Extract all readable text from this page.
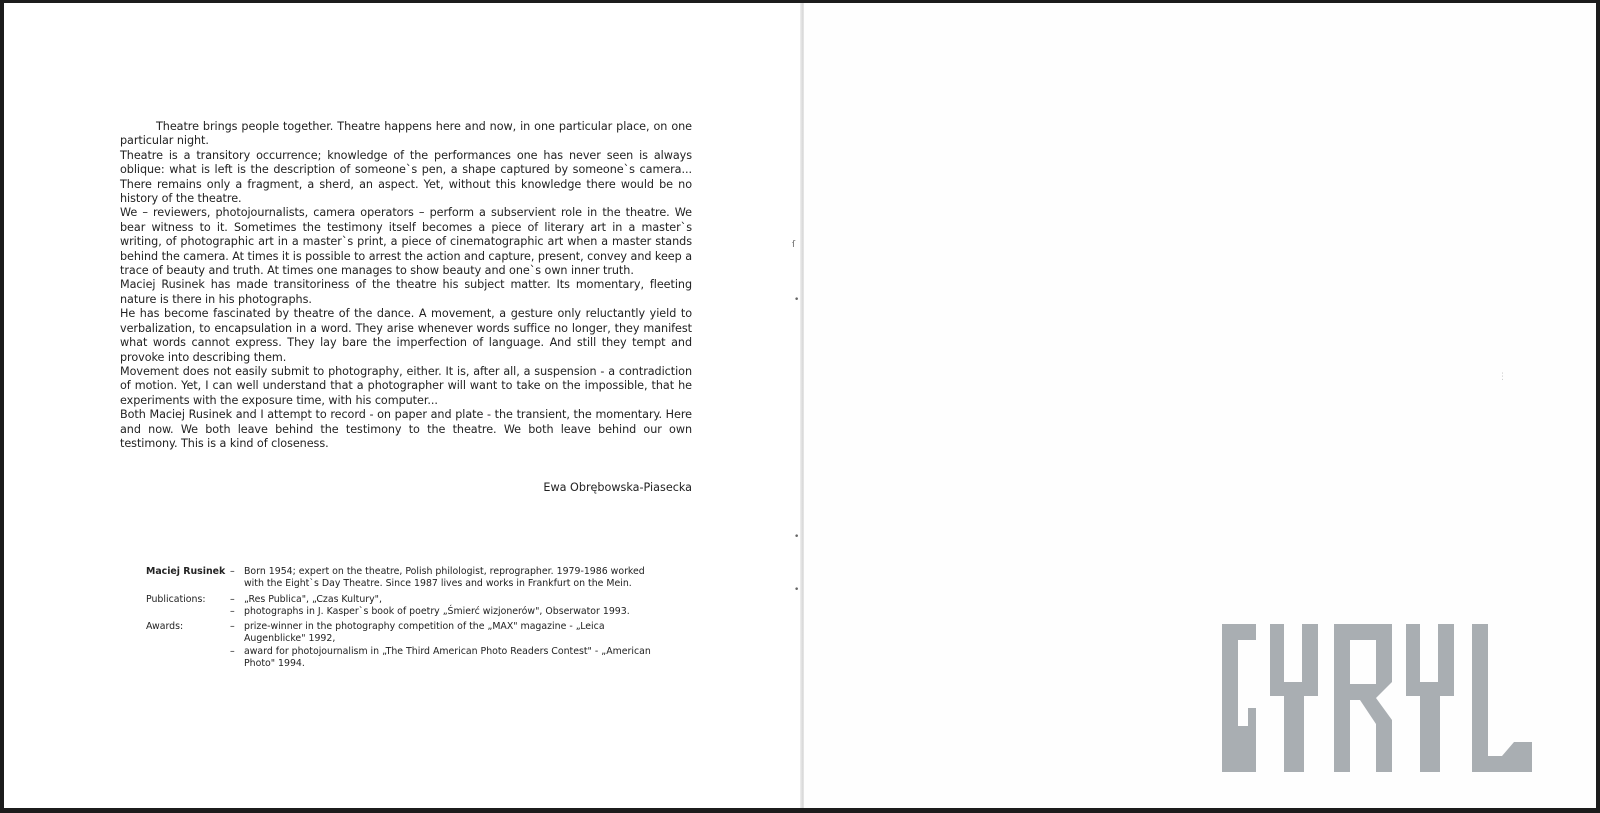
Theatre brings people together. Theatre happens here and now, in one particular place, on one particular night.

Theatre is a transitory occurrence; knowledge of the performances one has never seen is always oblique: what is left is the description of someone`s pen, a shape captured by someone`s camera... There remains only a fragment, a sherd, an aspect. Yet, without this knowledge there would be no history of the theatre.

We – reviewers, photojournalists, camera operators – perform a subservient role in the theatre. We bear witness to it. Sometimes the testimony itself becomes a piece of literary art in a master`s writing, of photographic art in a master`s print, a piece of cinematographic art when a master stands behind the camera. At times it is possible to arrest the action and capture, present, convey and keep a trace of beauty and truth. At times one manages to show beauty and one`s own inner truth.

Maciej Rusinek has made transitoriness of the theatre his subject matter. Its momentary, fleeting nature is there in his photographs.

He has become fascinated by theatre of the dance. A movement, a gesture only reluctantly yield to verbalization, to encapsulation in a word. They arise whenever words suffice no longer, they manifest what words cannot express. They lay bare the imperfection of language. And still they tempt and provoke into describing them.

Movement does not easily submit to photography, either. It is, after all, a suspension - a contradiction of motion. Yet, I can well understand that a photographer will want to take on the impossible, that he experiments with the exposure time, with his computer...

Both Maciej Rusinek and I attempt to record - on paper and plate - the transient, the momentary. Here and now. We both leave behind the testimony to the theatre. We both leave behind our own testimony. This is a kind of closeness.

Ewa Obrębowska-Piasecka
Maciej Rusinek – Born 1954; expert on the theatre, Polish philologist, reprographer. 1979-1986 worked with the Eight`s Day Theatre. Since 1987 lives and works in Frankfurt on the Mein.
Publications:	– „Res Publica", „Czas Kultury",
– photographs in J. Kasper`s book of poetry „Śmierć wizjonerów", Obserwator 1993.
Awards:	– prize-winner in the photography competition of the „MAX" magazine - „Leica Augenblicke" 1992,
– award for photojournalism in „The Third American Photo Readers Contest" - „American Photo" 1994.
ſ
•
•
•
⋮
